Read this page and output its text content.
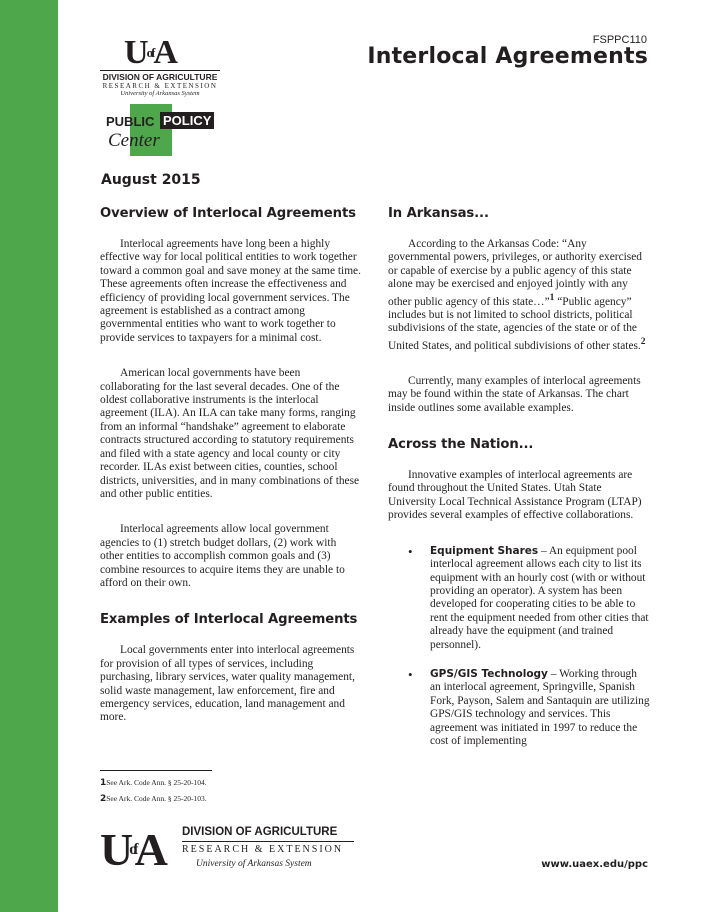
$U^{of}A$
DIVISION OF AGRICULTURE
RESEARCH & EXTENSION
University of Arkansas System
PUBLIC POLICY
Center
FSPPC110
Interlocal Agreements
August 2015
Overview of Interlocal Agreements

Interlocal agreements have long been a highly effective way for local political entities to work together toward a common goal and save money at the same time. These agreements often increase the effectiveness and efficiency of providing local government services. The agreement is established as a contract among governmental entities who want to work together to provide services to taxpayers for a minimal cost.

American local governments have been collaborating for the last several decades. One of the oldest collaborative instruments is the interlocal agreement (ILA). An ILA can take many forms, ranging from an informal “handshake” agreement to elaborate contracts structured according to statutory requirements and filed with a state agency and local county or city recorder. ILAs exist between cities, counties, school districts, universities, and in many combinations of these and other public entities.

Interlocal agreements allow local government agencies to (1) stretch budget dollars, (2) work with other entities to accomplish common goals and (3) combine resources to acquire items they are unable to afford on their own.

Examples of Interlocal Agreements

Local governments enter into interlocal agreements for provision of all types of services, including purchasing, library services, water quality management, solid waste management, law enforcement, fire and emergency services, education, land management and more.

In Arkansas...

According to the Arkansas Code: “Any governmental powers, privileges, or authority exercised or capable of exercise by a public agency of this state alone may be exercised and enjoyed jointly with any other public agency of this state…”$^1$ “Public agency” includes but is not limited to school districts, political subdivisions of the state, agencies of the state or of the United States, and political subdivisions of other states.$^2$

Currently, many examples of interlocal agreements may be found within the state of Arkansas. The chart inside outlines some available examples.

Across the Nation...

Innovative examples of interlocal agreements are found throughout the United States. Utah State University Local Technical Assistance Program (LTAP) provides several examples of effective collaborations.

• Equipment Shares – An equipment pool interlocal agreement allows each city to list its equipment with an hourly cost (with or without providing an operator). A system has been developed for cooperating cities to be able to rent the equipment needed from other cities that already have the equipment (and trained personnel).
• GPS/GIS Technology – Working through an interlocal agreement, Springville, Spanish Fork, Payson, Salem and Santaquin are utilizing GPS/GIS technology and services. This agreement was initiated in 1997 to reduce the cost of implementing
1See Ark. Code Ann. § 25-20-104.
2See Ark. Code Ann. § 25-20-103.
$U^{of}A$ DIVISION OF AGRICULTURE
RESEARCH & EXTENSION
University of Arkansas System	www.uaex.edu/ppc
